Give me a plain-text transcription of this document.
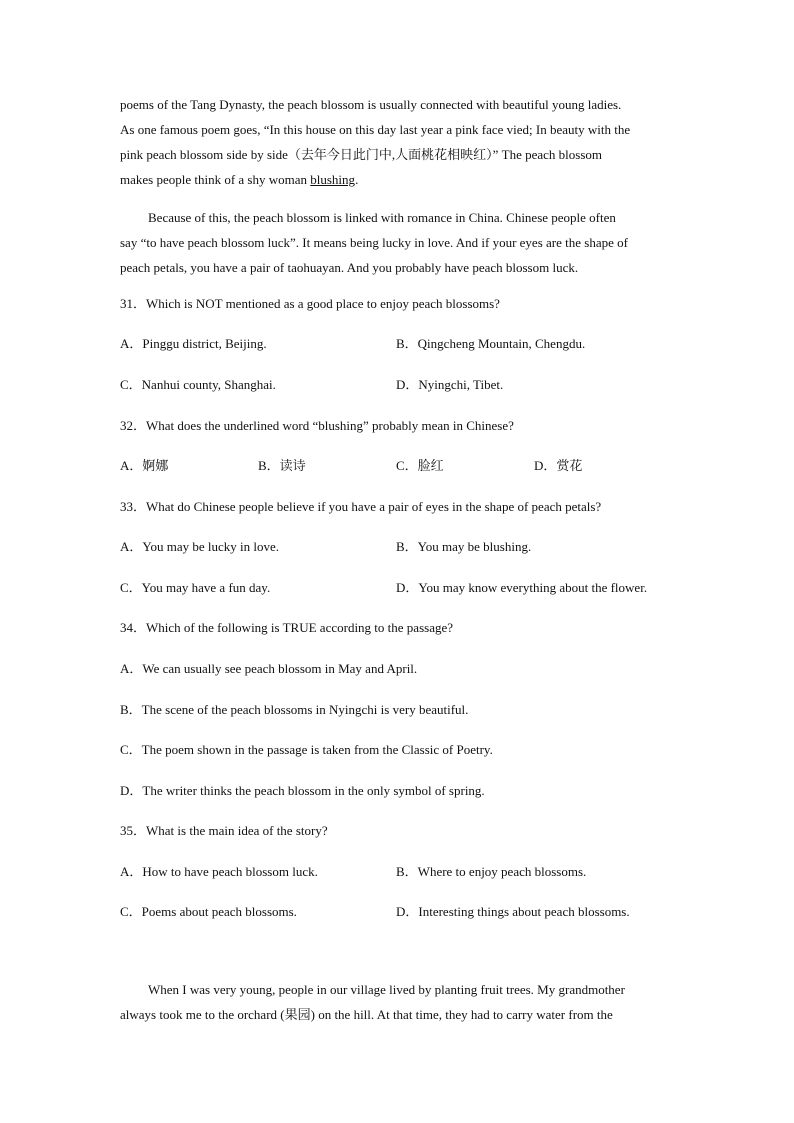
poems of the Tang Dynasty, the peach blossom is usually connected with beautiful young ladies.
As one famous poem goes, “In this house on this day last year a pink face vied; In beauty with the
pink peach blossom side by side（去年今日此门中,人面桃花相映红）” The peach blossom
makes people think of a shy woman blushing.
Because of this, the peach blossom is linked with romance in China. Chinese people often
say “to have peach blossom luck”. It means being lucky in love. And if your eyes are the shape of
peach petals, you have a pair of taohuayan. And you probably have peach blossom luck.
31．Which is NOT mentioned as a good place to enjoy peach blossoms?
A．Pinggu district, Beijing.	B．Qingcheng Mountain, Chengdu.
C．Nanhui county, Shanghai.	D．Nyingchi, Tibet.
32．What does the underlined word “blushing” probably mean in Chinese?
A．婀娜	B．读诗	C．脸红	D．赏花
33．What do Chinese people believe if you have a pair of eyes in the shape of peach petals?
A．You may be lucky in love.	B．You may be blushing.
C．You may have a fun day.	D．You may know everything about the flower.
34．Which of the following is TRUE according to the passage?
A．We can usually see peach blossom in May and April.
B．The scene of the peach blossoms in Nyingchi is very beautiful.
C．The poem shown in the passage is taken from the Classic of Poetry.
D．The writer thinks the peach blossom in the only symbol of spring.
35．What is the main idea of the story?
A．How to have peach blossom luck.	B．Where to enjoy peach blossoms.
C．Poems about peach blossoms.	D．Interesting things about peach blossoms.
When I was very young, people in our village lived by planting fruit trees. My grandmother
always took me to the orchard (果园) on the hill. At that time, they had to carry water from the
